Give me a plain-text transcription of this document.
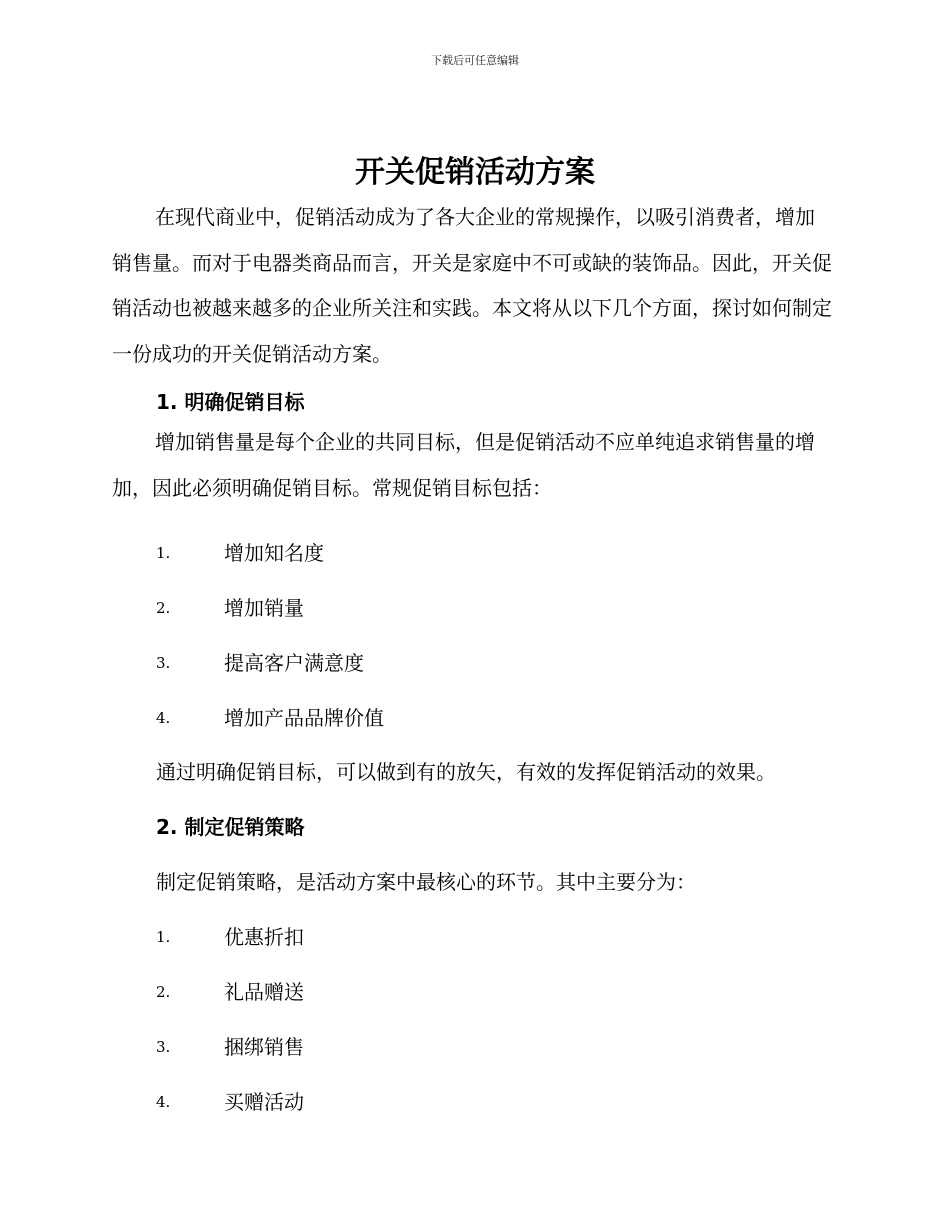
下载后可任意编辑
开关促销活动方案

在现代商业中，促销活动成为了各大企业的常规操作，以吸引消费者，增加销售量。而对于电器类商品而言，开关是家庭中不可或缺的装饰品。因此，开关促销活动也被越来越多的企业所关注和实践。本文将从以下几个方面，探讨如何制定一份成功的开关促销活动方案。

1. 明确促销目标

增加销售量是每个企业的共同目标，但是促销活动不应单纯追求销售量的增加，因此必须明确促销目标。常规促销目标包括：

1.	增加知名度
2.	增加销量
3.	提高客户满意度
4.	增加产品品牌价值

通过明确促销目标，可以做到有的放矢，有效的发挥促销活动的效果。

2. 制定促销策略

制定促销策略，是活动方案中最核心的环节。其中主要分为：

1.	优惠折扣
2.	礼品赠送
3.	捆绑销售
4.	买赠活动
